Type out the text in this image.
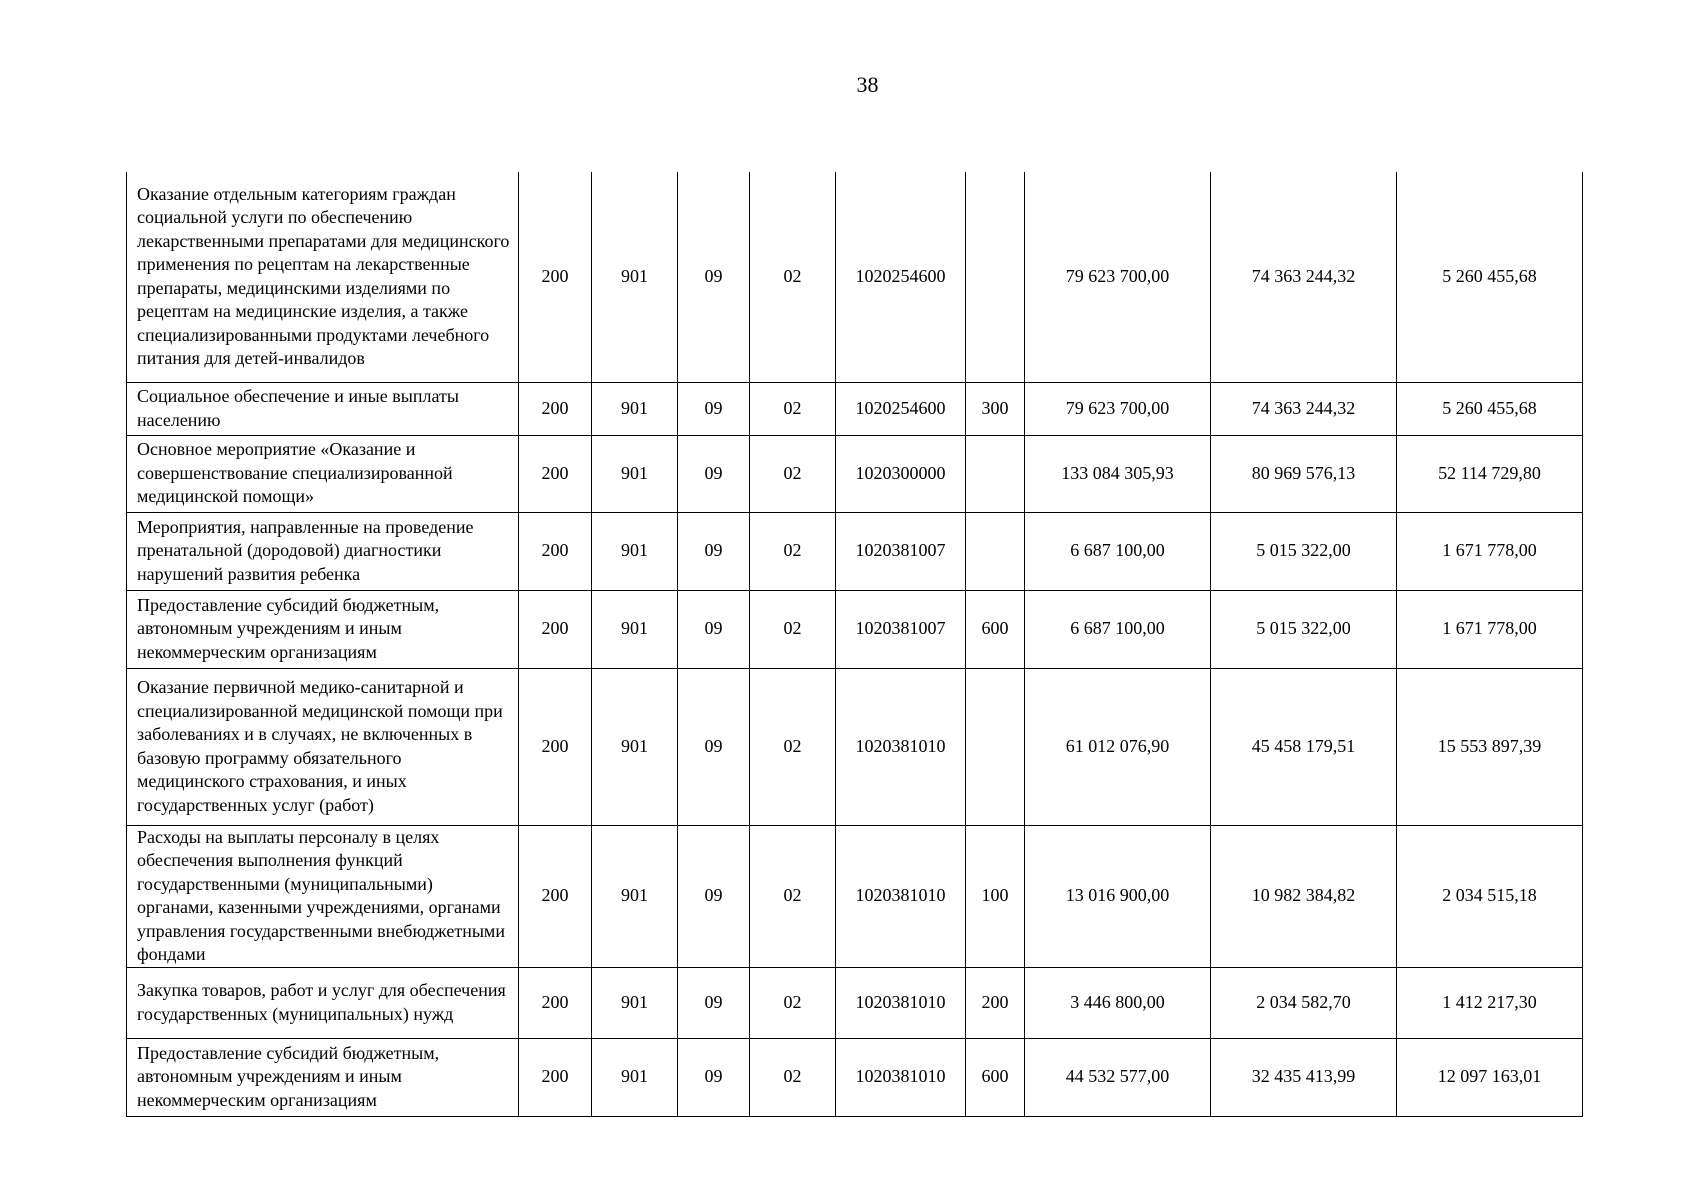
38
Оказание отдельным категориям граждан социальной услуги по обеспечению лекарственными препаратами для медицинского применения по рецептам на лекарственные препараты, медицинскими изделиями по рецептам на медицинские изделия, а также специализированными продуктами лечебного питания для детей-инвалидов	200	901	09	02	1020254600		79 623 700,00	74 363 244,32	5 260 455,68
Социальное обеспечение и иные выплаты населению	200	901	09	02	1020254600	300	79 623 700,00	74 363 244,32	5 260 455,68
Основное мероприятие «Оказание и совершенствование специализированной медицинской помощи»	200	901	09	02	1020300000		133 084 305,93	80 969 576,13	52 114 729,80
Мероприятия, направленные на проведение пренатальной (дородовой) диагностики нарушений развития ребенка	200	901	09	02	1020381007		6 687 100,00	5 015 322,00	1 671 778,00
Предоставление субсидий бюджетным, автономным учреждениям и иным некоммерческим организациям	200	901	09	02	1020381007	600	6 687 100,00	5 015 322,00	1 671 778,00
Оказание первичной медико-санитарной и специализированной медицинской помощи при заболеваниях и в случаях, не включенных в базовую программу обязательного медицинского страхования, и иных государственных услуг (работ)	200	901	09	02	1020381010		61 012 076,90	45 458 179,51	15 553 897,39
Расходы на выплаты персоналу в целях обеспечения выполнения функций государственными (муниципальными) органами, казенными учреждениями, органами управления государственными внебюджетными фондами	200	901	09	02	1020381010	100	13 016 900,00	10 982 384,82	2 034 515,18
Закупка товаров, работ и услуг для обеспечения государственных (муниципальных) нужд	200	901	09	02	1020381010	200	3 446 800,00	2 034 582,70	1 412 217,30
Предоставление субсидий бюджетным, автономным учреждениям и иным некоммерческим организациям	200	901	09	02	1020381010	600	44 532 577,00	32 435 413,99	12 097 163,01
